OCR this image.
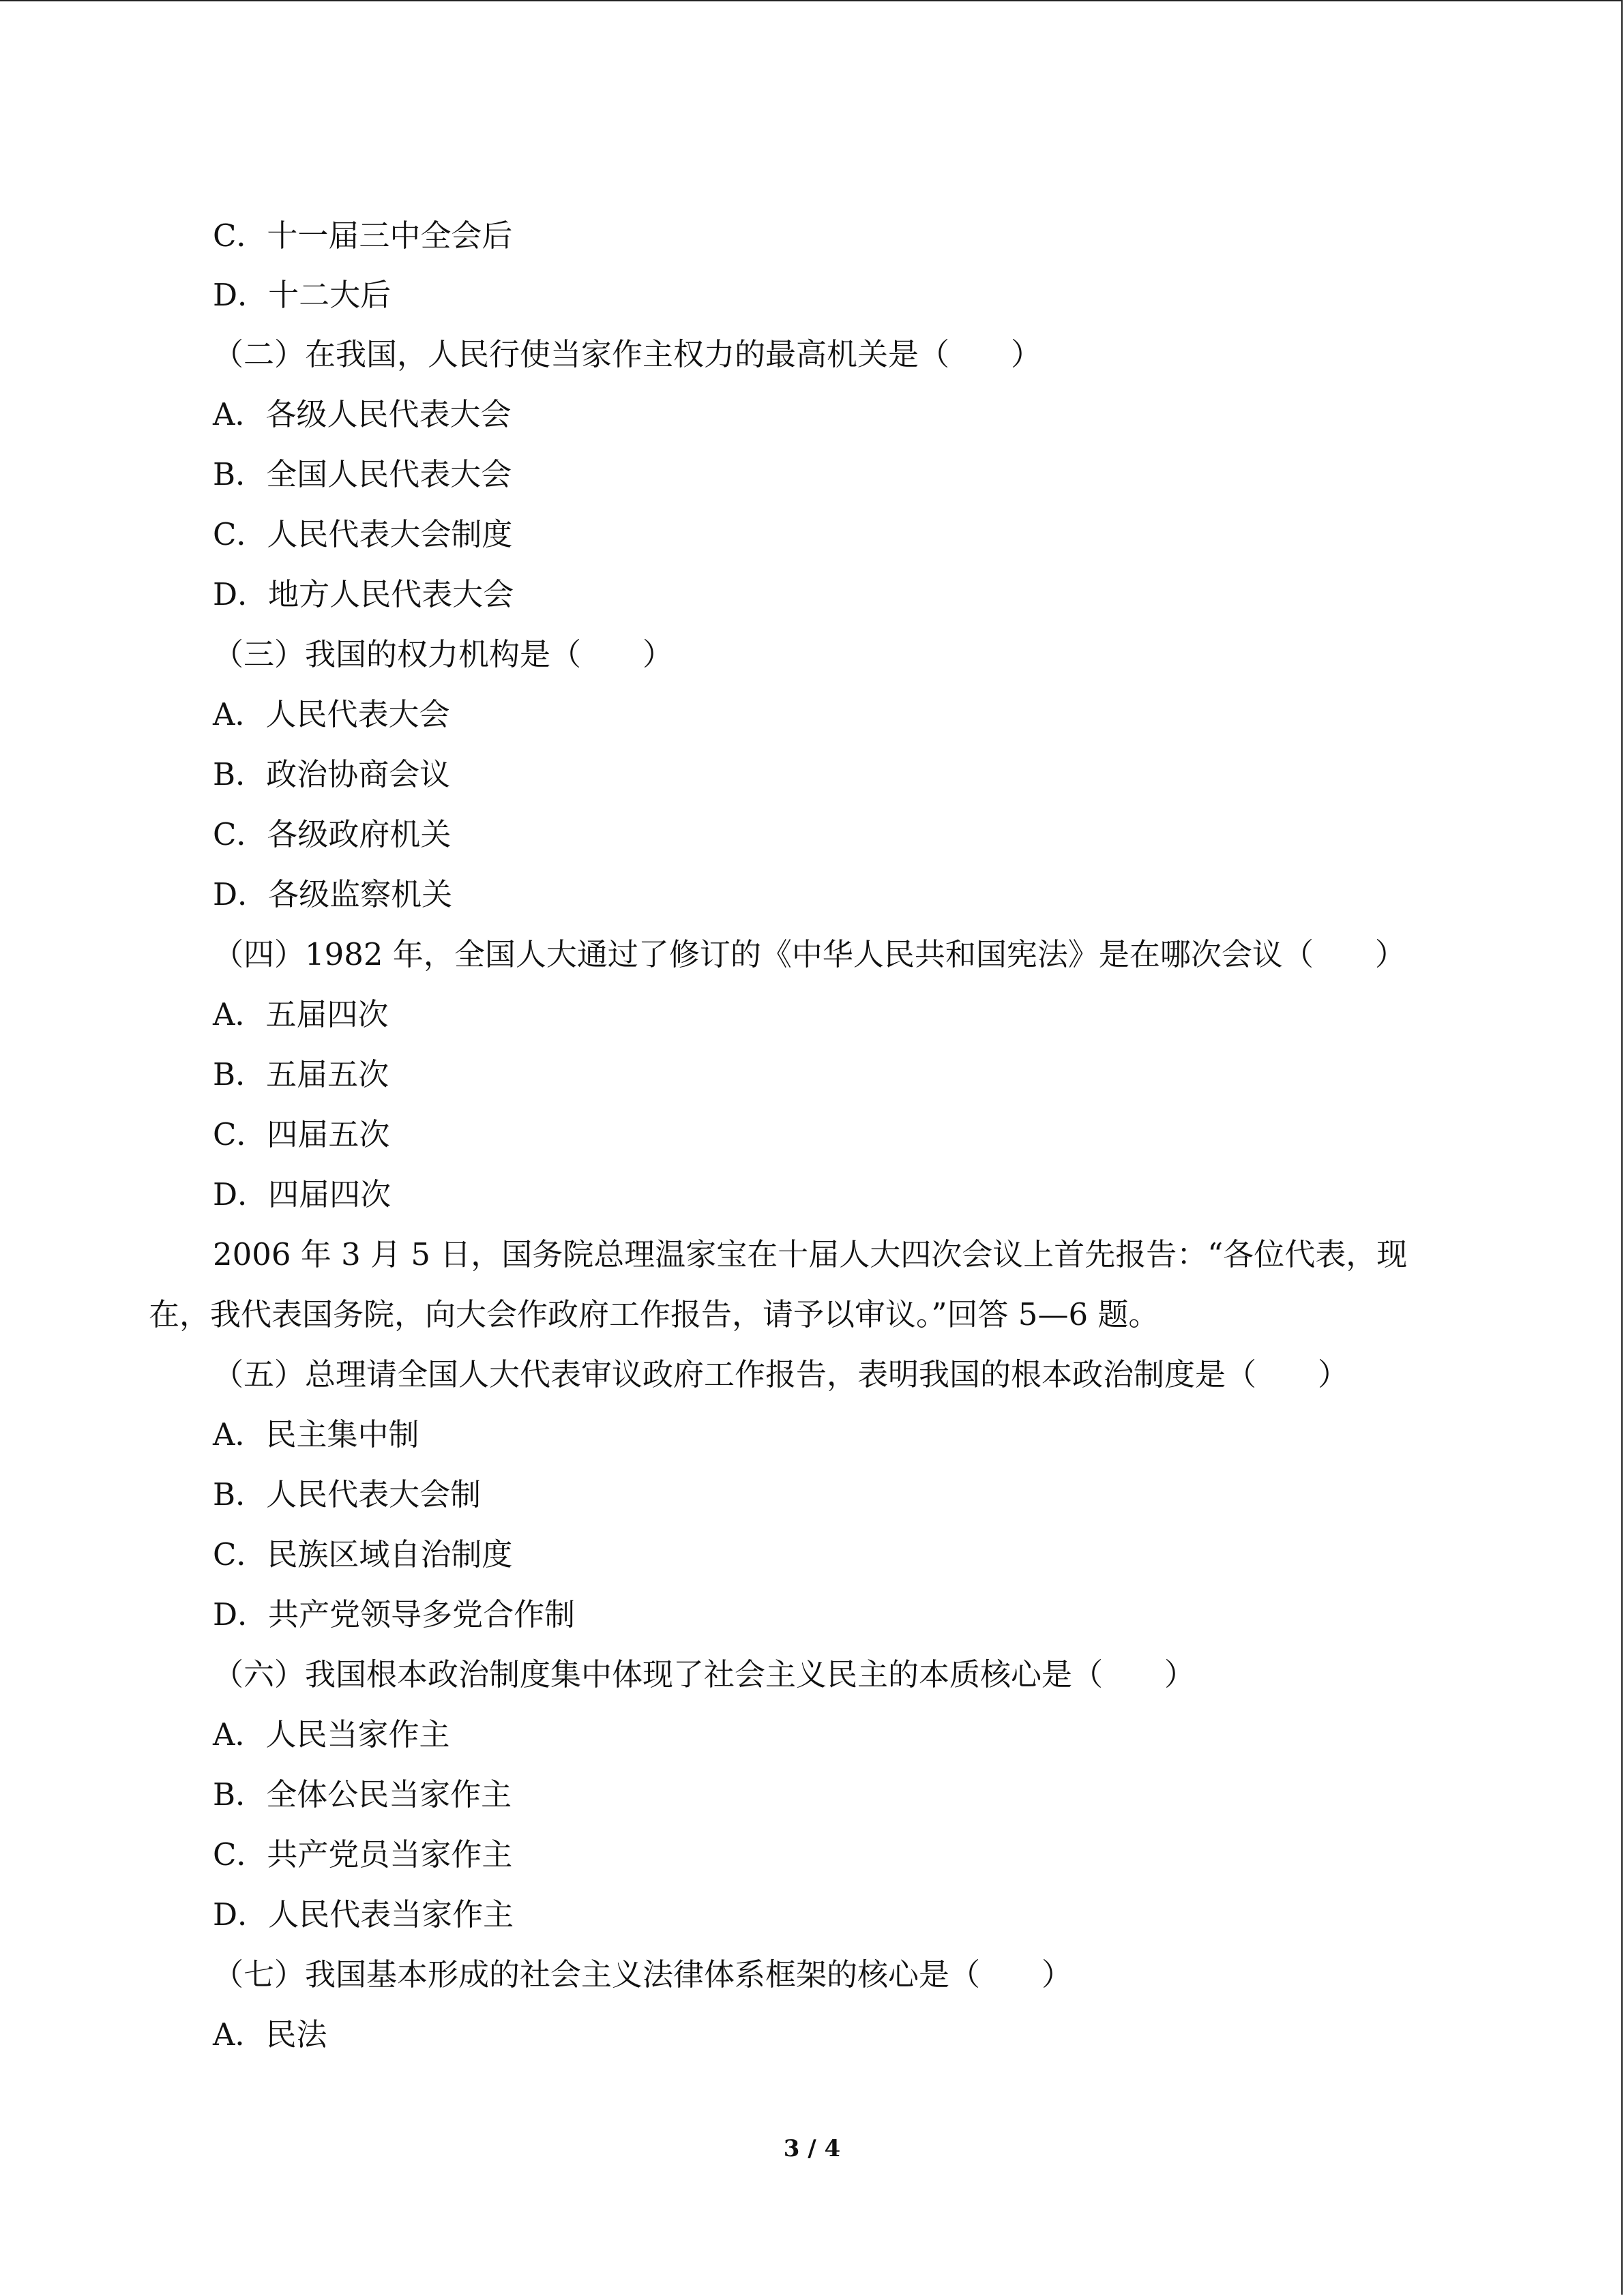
C．十一届三中全会后
D．十二大后
（二）在我国，人民行使当家作主权力的最高机关是（　　）
A．各级人民代表大会
B．全国人民代表大会
C．人民代表大会制度
D．地方人民代表大会
（三）我国的权力机构是（　　）
A．人民代表大会
B．政治协商会议
C．各级政府机关
D．各级监察机关
（四）1982 年，全国人大通过了修订的《中华人民共和国宪法》是在哪次会议（　　）
A．五届四次
B．五届五次
C．四届五次
D．四届四次
2006 年 3 月 5 日，国务院总理温家宝在十届人大四次会议上首先报告：“各位代表，现
在，我代表国务院，向大会作政府工作报告，请予以审议。”回答 5—6 题。
（五）总理请全国人大代表审议政府工作报告，表明我国的根本政治制度是（　　）
A．民主集中制
B．人民代表大会制
C．民族区域自治制度
D．共产党领导多党合作制
（六）我国根本政治制度集中体现了社会主义民主的本质核心是（　　）
A．人民当家作主
B．全体公民当家作主
C．共产党员当家作主
D．人民代表当家作主
（七）我国基本形成的社会主义法律体系框架的核心是（　　）
A．民法
3 / 4
